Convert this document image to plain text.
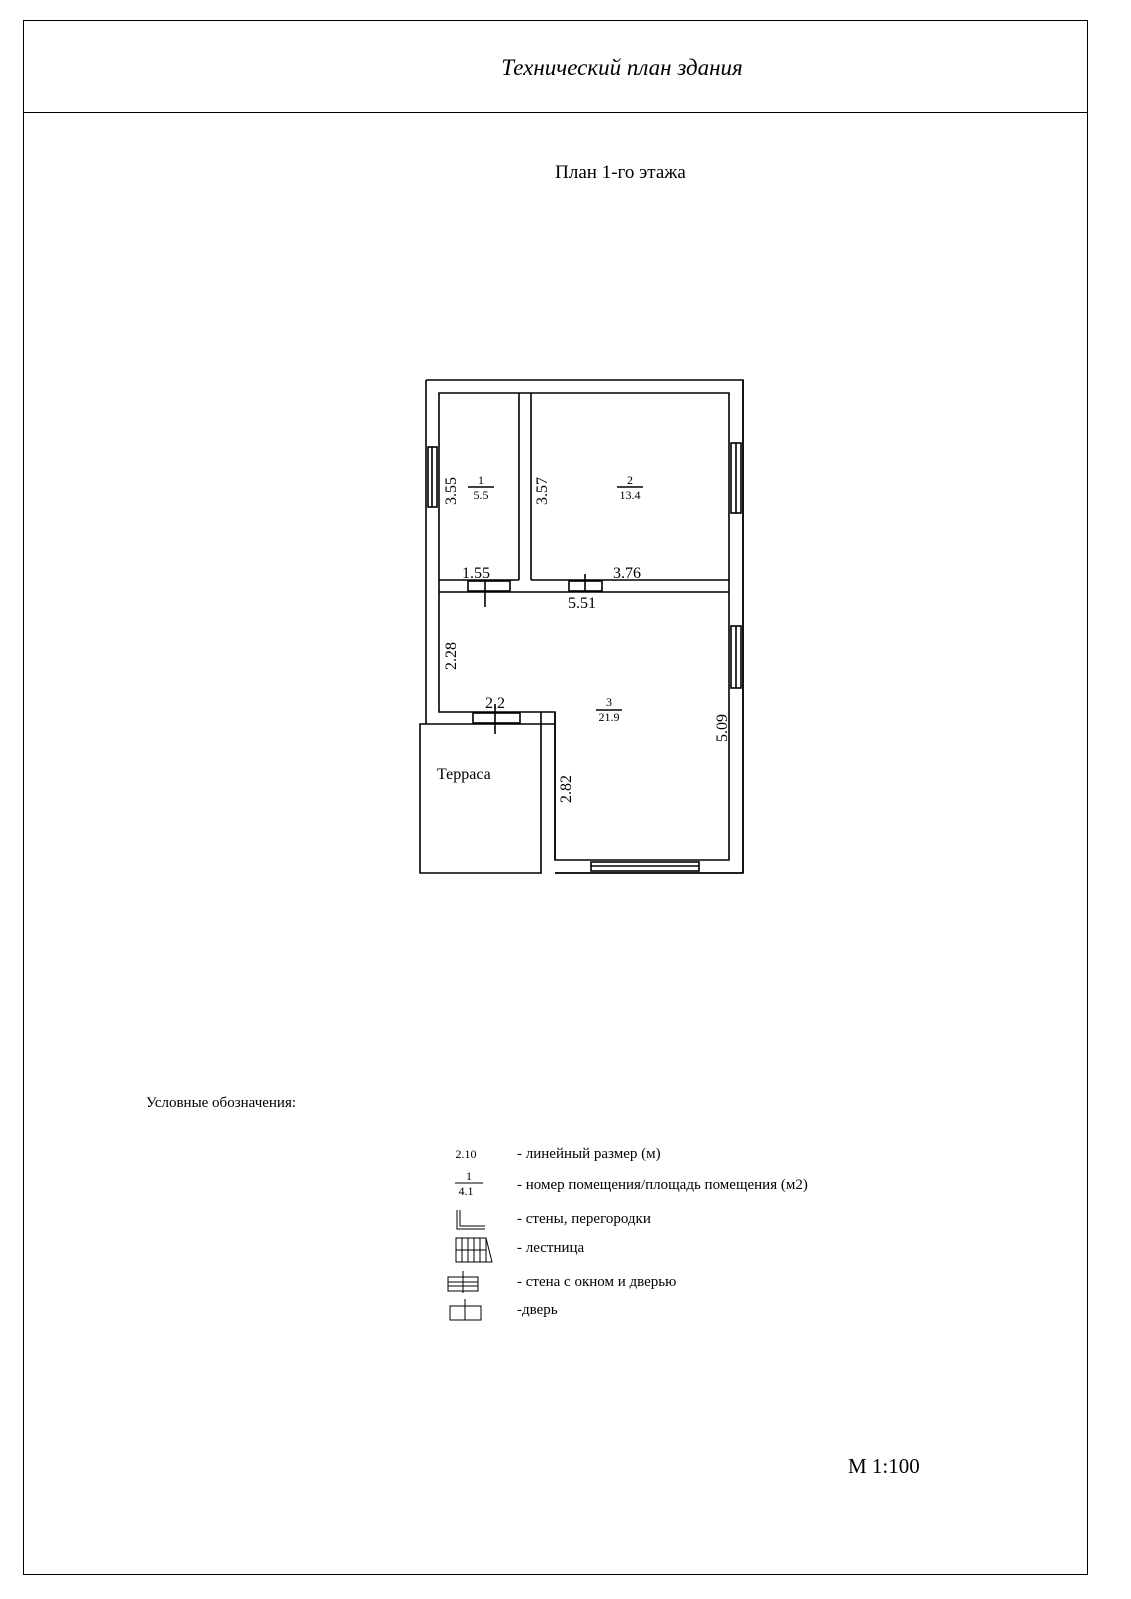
Технический план здания
План 1-го этажа
1
5.5
2
13.4
3
21.9
1.55	3.76
5.51
2.2
3.55	3.57
2.28
2.82
5.09
Терраса
2.10
1
4.1
Условные обозначения:
- линейный размер (м)
- номер помещения/площадь помещения (м2)
- стены, перегородки
- лестница
- стена с окном и дверью
-дверь
М 1:100
